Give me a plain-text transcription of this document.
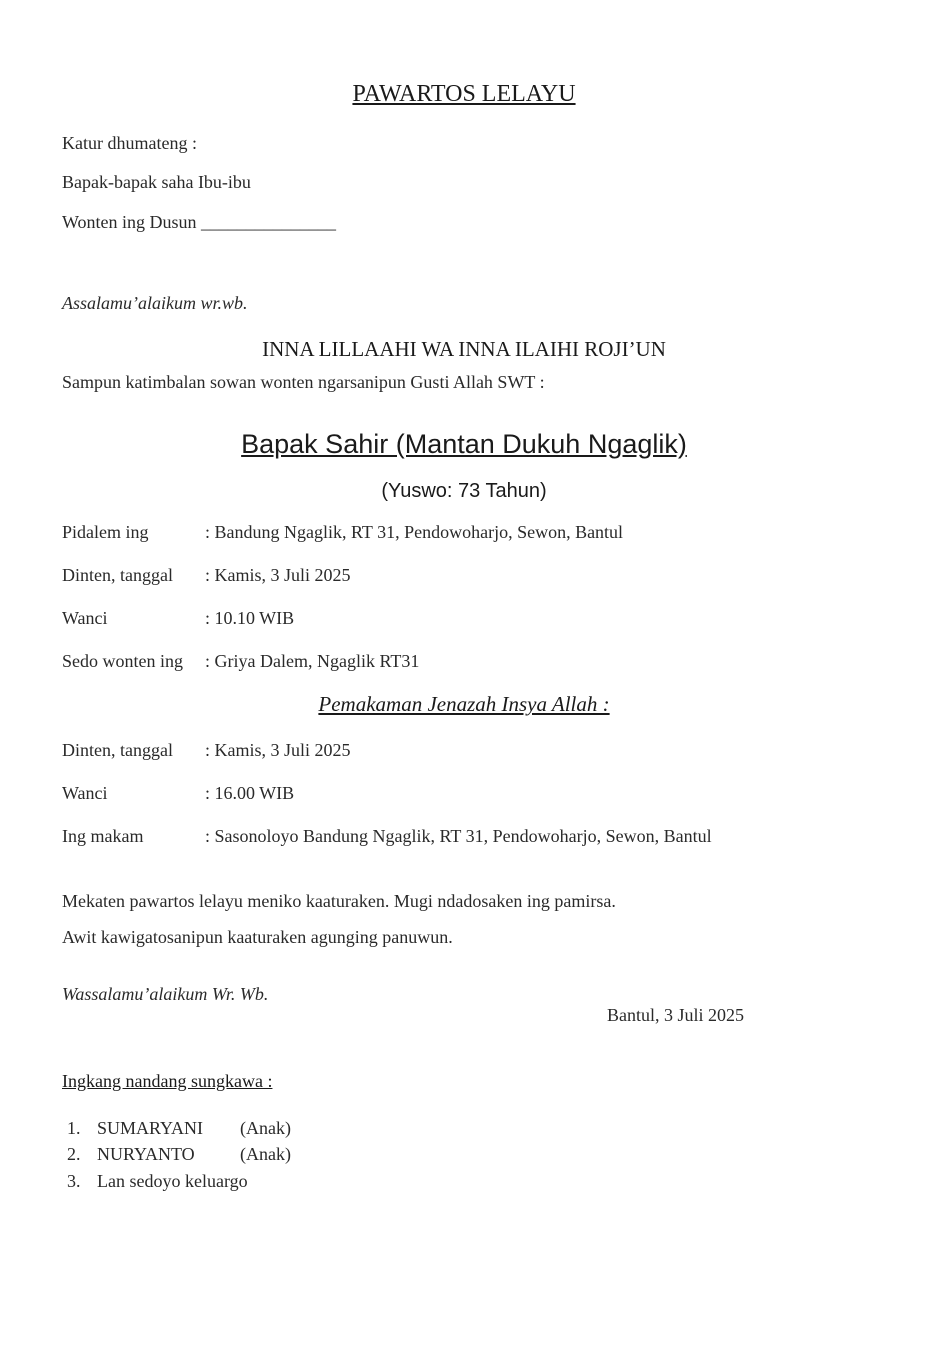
PAWARTOS LELAYU
Katur dhumateng :
Bapak-bapak saha Ibu-ibu
Wonten ing Dusun _______________
Assalamu’alaikum wr.wb.
INNA LILLAAHI WA INNA ILAIHI ROJI’UN
Sampun katimbalan sowan wonten ngarsanipun Gusti Allah SWT :
Bapak Sahir (Mantan Dukuh Ngaglik)
(Yuswo: 73 Tahun)
Pidalem ing	: Bandung Ngaglik, RT 31, Pendowoharjo, Sewon, Bantul
Dinten, tanggal : Kamis, 3 Juli 2025
Wanci	: 10.10 WIB
Sedo wonten ing : Griya Dalem, Ngaglik RT31
Pemakaman Jenazah Insya Allah :
Dinten, tanggal : Kamis, 3 Juli 2025
Wanci	: 16.00 WIB
Ing makam	: Sasonoloyo Bandung Ngaglik, RT 31, Pendowoharjo, Sewon, Bantul
Mekaten pawartos lelayu meniko kaaturaken. Mugi ndadosaken ing pamirsa.
Awit kawigatosanipun kaaturaken agunging panuwun.
Wassalamu’alaikum Wr. Wb.
Bantul, 3 Juli 2025
Ingkang nandang sungkawa :
1. SUMARYANI (Anak)
2. NURYANTO	(Anak)
3. Lan sedoyo keluargo
